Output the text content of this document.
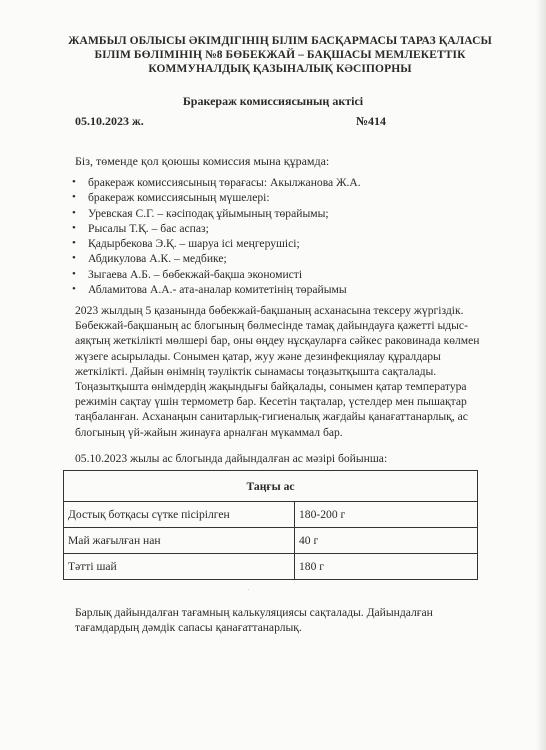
ЖАМБЫЛ ОБЛЫСЫ ӘКІМДІГІНІҢ БІЛІМ БАСҚАРМАСЫ ТАРАЗ ҚАЛАСЫ
БІЛІМ БӨЛІМІНІҢ №8 БӨБЕКЖАЙ – БАҚШАСЫ МЕМЛЕКЕТТІК
КОММУНАЛДЫҚ ҚАЗЫНАЛЫҚ КӘСІПОРНЫ
Бракераж комиссиясының актісі
05.10.2023 ж.	№414
Біз, төменде қол қоюшы комиссия мына құрамда:
• бракераж комиссиясының төрағасы: Акылжанова Ж.А.
• бракераж комиссиясының мүшелері:
• Уревская С.Г. – кәсіподақ ұйымының төрайымы;
• Рысалы Т.Қ. – бас аспаз;
• Қадырбекова Э.Қ. – шаруа ісі меңгерушісі;
• Абдикулова А.К. – медбике;
• Зыгаева А.Б. – бөбекжай-бақша экономисті
• Абламитова А.А.- ата-аналар комитетінің төрайымы

2023 жылдың 5 қазанында бөбекжай-бақшаның асханасына тексеру жүргіздік. Бөбекжай-бақшаның ас блогының бөлмесінде тамақ дайындауға қажетті ыдыс-аяқтың жеткілікті мөлшері бар, оны өңдеу нұсқауларға сәйкес раковинада көлмен жүзеге асырылады. Сонымен қатар, жуу және дезинфекциялау құралдары жеткілікті. Дайын өнімнің тәуліктік сынамасы тоңазытқышта сақталады. Тоңазытқышта өнімдердің жақындығы байқалады, сонымен қатар температура режимін сақтау үшін термометр бар. Кесетін тақталар, үстелдер мен пышақтар таңбаланған. Асханаңын санитарлық-гигиеналық жағдайы қанағаттанарлық, ас блогының үй-жайын жинауға арналған мүкаммал бар.

05.10.2023 жылы ас блогында дайындалған ас мәзірі бойынша:
Таңғы ас	
Достық ботқасы сүтке пісірілген	180-200 г
Май жағылған нан	40 г
Тәтті шай	180 г
·
Барлық дайындалған тағамның калькуляциясы сақталады. Дайындалған тағамдардың дәмдік сапасы қанағаттанарлық.
